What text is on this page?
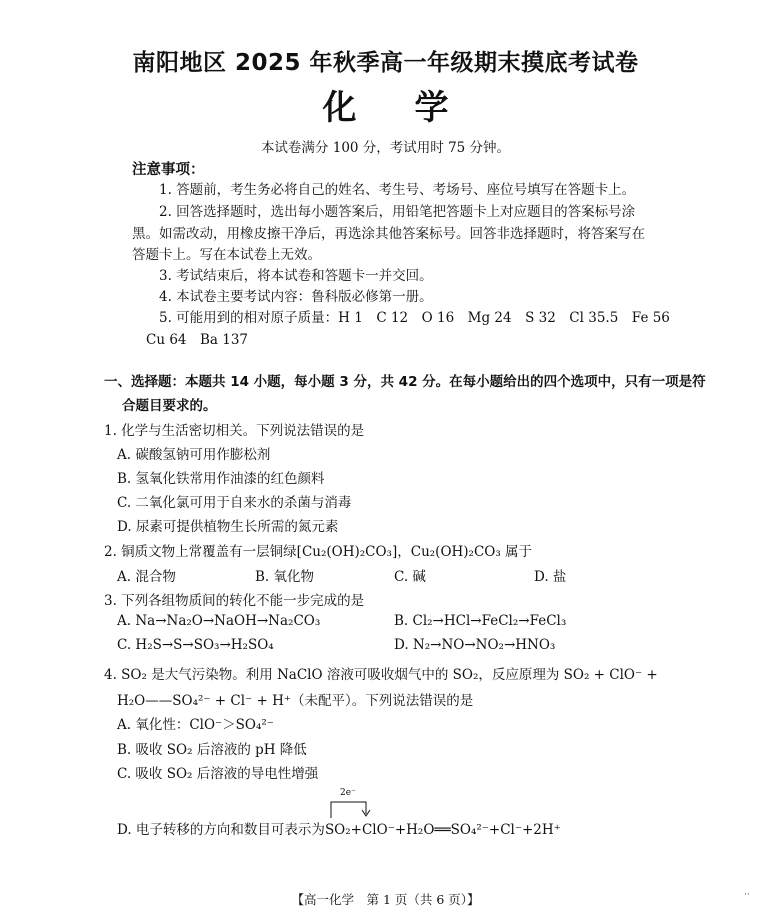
南阳地区 2025 年秋季高一年级期末摸底考试卷
化学
本试卷满分 100 分，考试用时 75 分钟。
注意事项：
1. 答题前，考生务必将自己的姓名、考生号、考场号、座位号填写在答题卡上。
2. 回答选择题时，选出每小题答案后，用铅笔把答题卡上对应题目的答案标号涂
黑。如需改动，用橡皮擦干净后，再选涂其他答案标号。回答非选择题时，将答案写在
答题卡上。写在本试卷上无效。
3. 考试结束后，将本试卷和答题卡一并交回。
4. 本试卷主要考试内容：鲁科版必修第一册。
5. 可能用到的相对原子质量：H 1　C 12　O 16　Mg 24　S 32　Cl 35.5　Fe 56
Cu 64　Ba 137
一、选择题：本题共 14 小题，每小题 3 分，共 42 分。在每小题给出的四个选项中，只有一项是符
合题目要求的。
1. 化学与生活密切相关。下列说法错误的是
A. 碳酸氢钠可用作膨松剂
B. 氢氧化铁常用作油漆的红色颜料
C. 二氧化氯可用于自来水的杀菌与消毒
D. 尿素可提供植物生长所需的氮元素
2. 铜质文物上常覆盖有一层铜绿[Cu₂(OH)₂CO₃]，Cu₂(OH)₂CO₃ 属于
A. 混合物	B. 氧化物	C. 碱	D. 盐
3. 下列各组物质间的转化不能一步完成的是
A. Na→Na₂O→NaOH→Na₂CO₃	B. Cl₂→HCl→FeCl₂→FeCl₃
C. H₂S→S→SO₃→H₂SO₄	D. N₂→NO→NO₂→HNO₃
4. SO₂ 是大气污染物。利用 NaClO 溶液可吸收烟气中的 SO₂，反应原理为 SO₂ + ClO⁻ +
H₂O——SO₄²⁻ + Cl⁻ + H⁺（未配平）。下列说法错误的是
A. 氧化性：ClO⁻＞SO₄²⁻
B. 吸收 SO₂ 后溶液的 pH 降低
C. 吸收 SO₂ 后溶液的导电性增强
2e⁻
D. 电子转移的方向和数目可表示为SO₂+ClO⁻+H₂O══SO₄²⁻+Cl⁻+2H⁺
【高一化学　第 1 页（共 6 页）】	··
